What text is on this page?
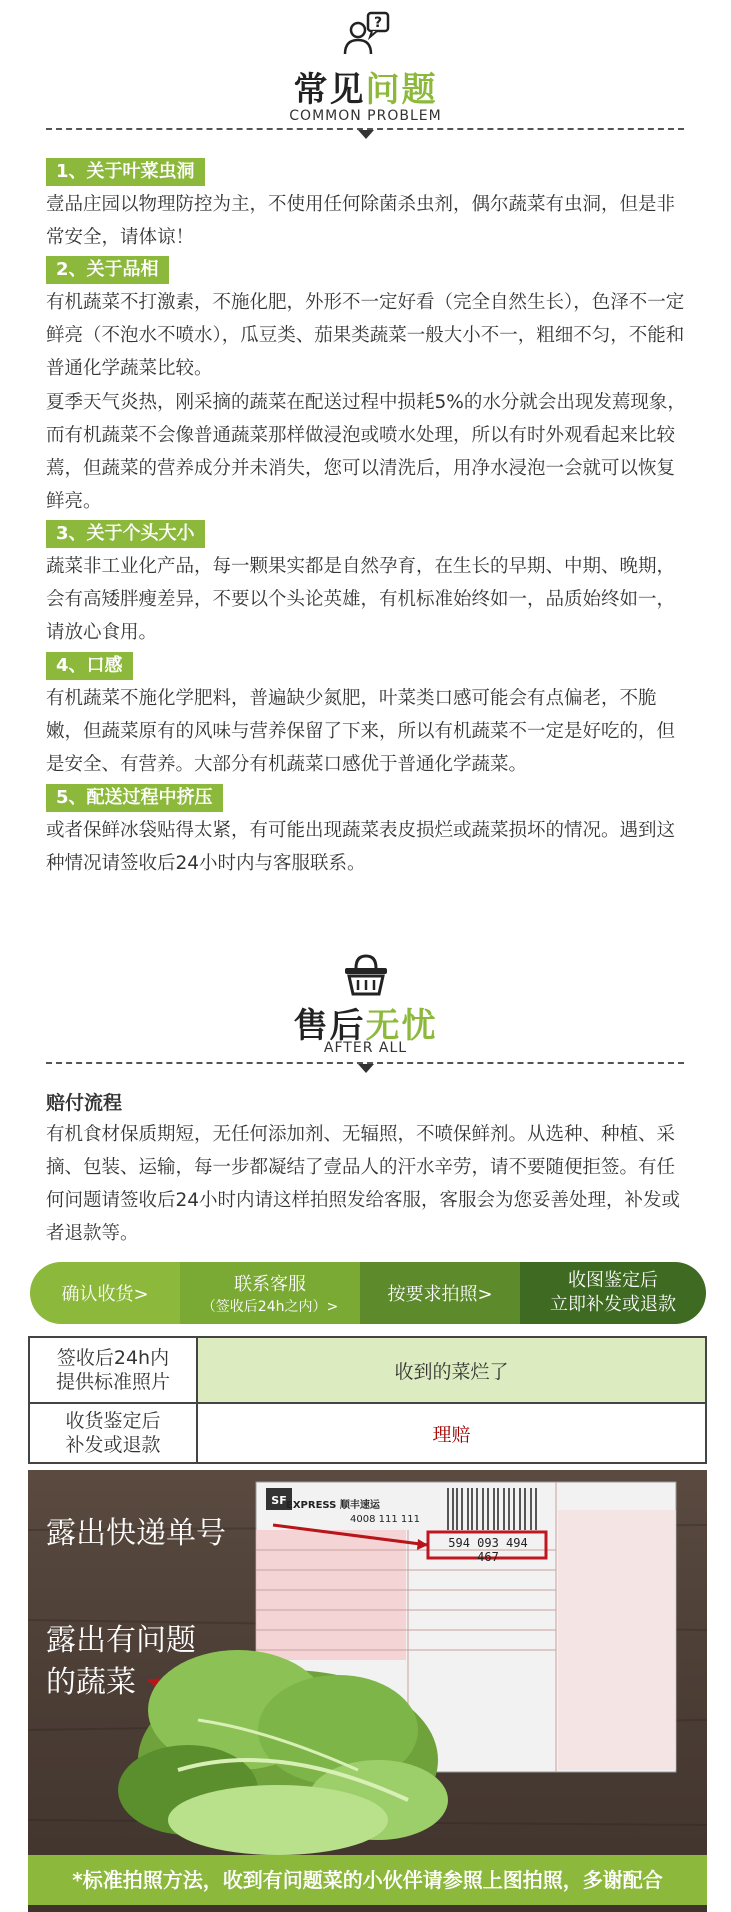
?
常见问题
COMMON PROBLEM
1、关于叶菜虫洞
壹品庄园以物理防控为主，不使用任何除菌杀虫剂，偶尔蔬菜有虫洞，但是非常安全，请体谅！
2、关于品相
有机蔬菜不打激素，不施化肥，外形不一定好看（完全自然生长），色泽不一定鲜亮（不泡水不喷水），瓜豆类、茄果类蔬菜一般大小不一，粗细不匀，不能和普通化学蔬菜比较。
夏季天气炎热，刚采摘的蔬菜在配送过程中损耗5%的水分就会出现发蔫现象，而有机蔬菜不会像普通蔬菜那样做浸泡或喷水处理，所以有时外观看起来比较蔫，但蔬菜的营养成分并未消失，您可以清洗后，用净水浸泡一会就可以恢复鲜亮。
3、关于个头大小
蔬菜非工业化产品，每一颗果实都是自然孕育，在生长的早期、中期、晚期，会有高矮胖瘦差异，不要以个头论英雄，有机标准始终如一，品质始终如一，请放心食用。
4、口感
有机蔬菜不施化学肥料，普遍缺少氮肥，叶菜类口感可能会有点偏老，不脆嫩，但蔬菜原有的风味与营养保留了下来，所以有机蔬菜不一定是好吃的，但是安全、有营养。大部分有机蔬菜口感优于普通化学蔬菜。
5、配送过程中挤压
或者保鲜冰袋贴得太紧，有可能出现蔬菜表皮损烂或蔬菜损坏的情况。遇到这种情况请签收后24小时内与客服联系。
售后无忧
AFTER ALL
赔付流程
有机食材保质期短，无任何添加剂、无辐照，不喷保鲜剂。从选种、种植、采摘、包装、运输，每一步都凝结了壹品人的汗水辛劳，请不要随便拒签。有任何问题请签收后24小时内请这样拍照发给客服，客服会为您妥善处理，补发或者退款等。
确认收货>	联系客服
（签收后24h之内）>
按要求拍照>
收图鉴定后
立即补发或退款
签收后24h内
提供标准照片	收到的菜烂了
收货鉴定后
补发或退款	理赔
SF EXPRESS 顺丰速运
4008 111 111
594 093 494 467
露出快递单号
露出有问题
的蔬菜
*标准拍照方法，收到有问题菜的小伙伴请参照上图拍照，多谢配合
